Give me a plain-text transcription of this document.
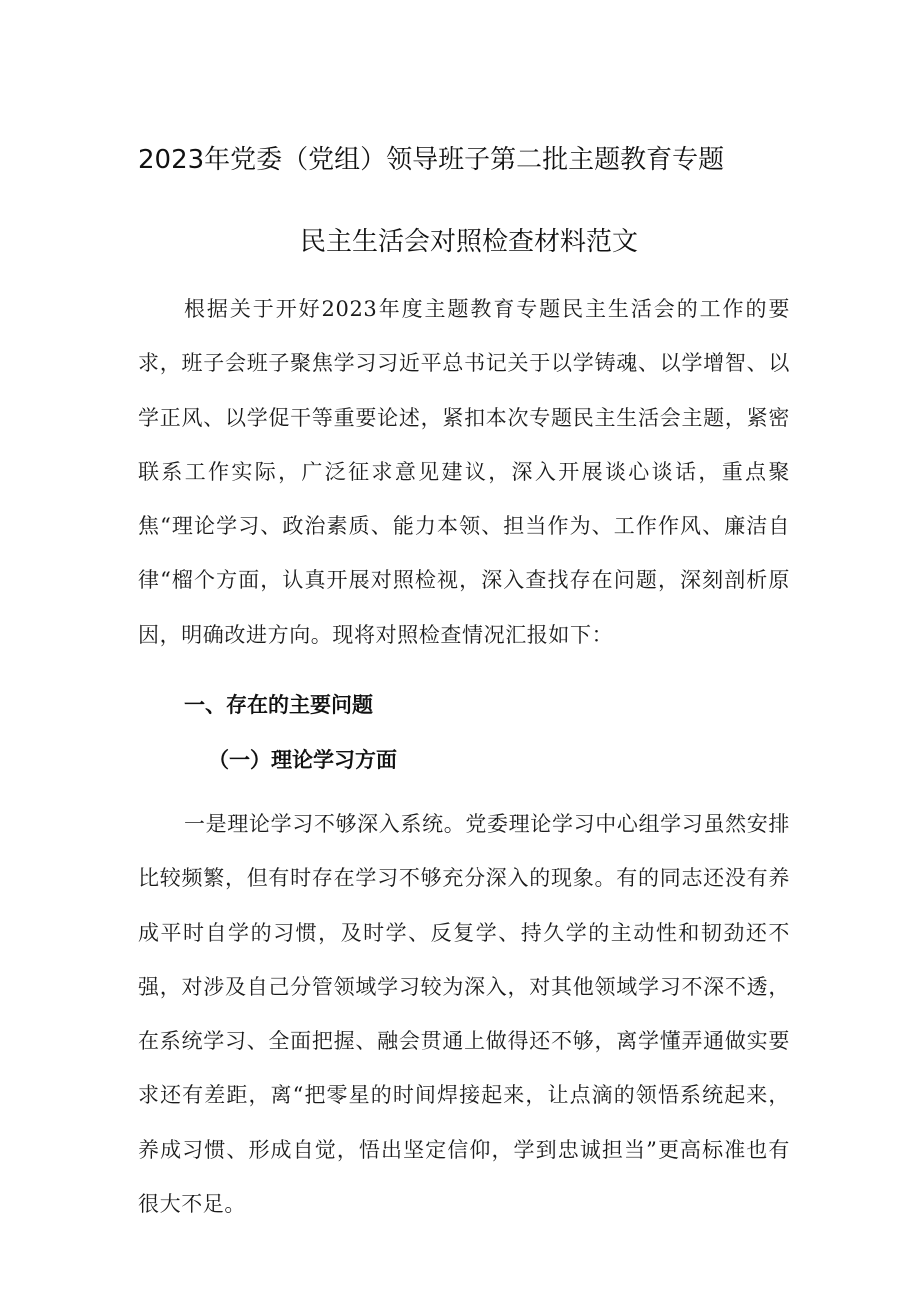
2023年党委（党组）领导班子第二批主题教育专题
民主生活会对照检查材料范文

根据关于开好2023年度主题教育专题民主生活会的工作的要求，班子会班子聚焦学习习近平总书记关于以学铸魂、以学增智、以学正风、以学促干等重要论述，紧扣本次专题民主生活会主题，紧密联系工作实际，广泛征求意见建议，深入开展谈心谈话，重点聚焦“理论学习、政治素质、能力本领、担当作为、工作作风、廉洁自律“榴个方面，认真开展对照检视，深入查找存在问题，深刻剖析原因，明确改进方向。现将对照检查情况汇报如下：

一、存在的主要问题
（一）理论学习方面

一是理论学习不够深入系统。党委理论学习中心组学习虽然安排比较频繁，但有时存在学习不够充分深入的现象。有的同志还没有养成平时自学的习惯，及时学、反复学、持久学的主动性和韧劲还不强，对涉及自己分管领域学习较为深入，对其他领域学习不深不透，在系统学习、全面把握、融会贯通上做得还不够，离学懂弄通做实要求还有差距，离“把零星的时间焊接起来，让点滴的领悟系统起来，养成习惯、形成自觉，悟出坚定信仰，学到忠诚担当”更高标准也有很大不足。
